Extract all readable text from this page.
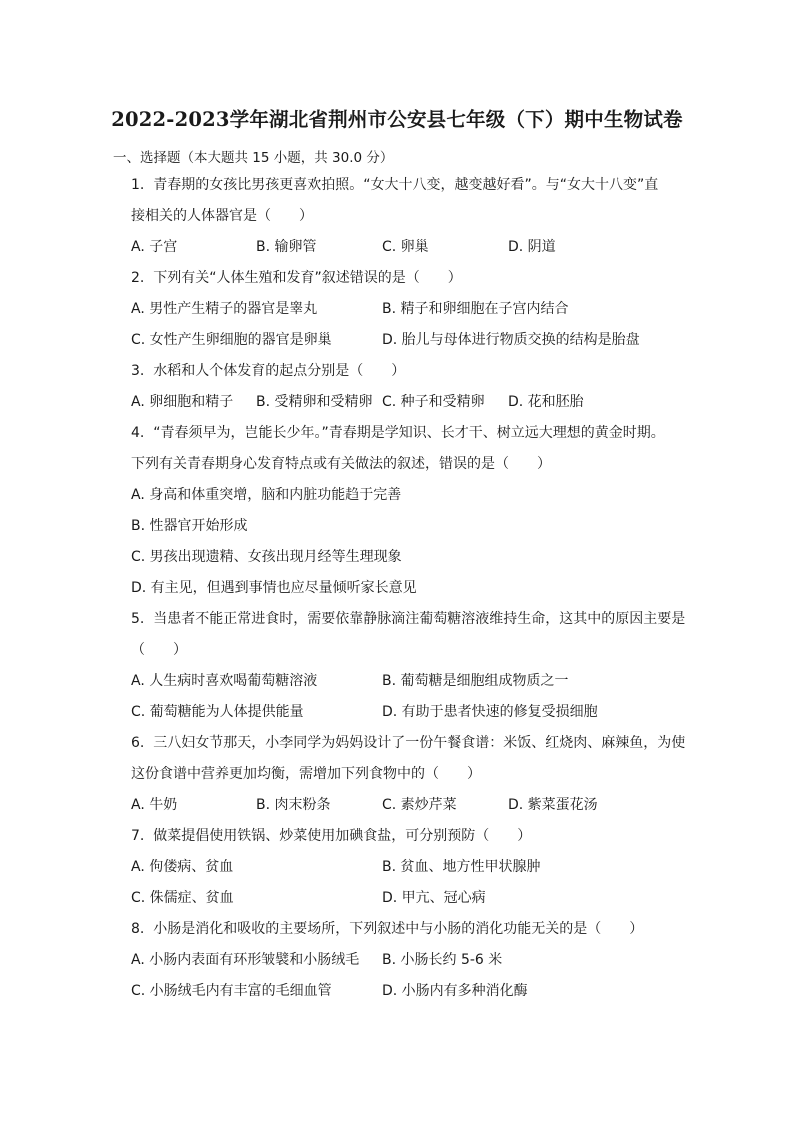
2022-2023学年湖北省荆州市公安县七年级（下）期中生物试卷
一、选择题（本大题共 15 小题，共 30.0 分）
1. 青春期的女孩比男孩更喜欢拍照。“女大十八变，越变越好看”。与“女大十八变”直
接相关的人体器官是（　　）
A. 子宫	B. 输卵管	C. 卵巢	D. 阴道
2. 下列有关“人体生殖和发育”叙述错误的是（　　）
A. 男性产生精子的器官是睾丸	B. 精子和卵细胞在子宫内结合
C. 女性产生卵细胞的器官是卵巢	D. 胎儿与母体进行物质交换的结构是胎盘
3. 水稻和人个体发育的起点分别是（　　）
A. 卵细胞和精子 B. 受精卵和受精卵 C. 种子和受精卵 D. 花和胚胎
4. “青春须早为，岂能长少年。”青春期是学知识、长才干、树立远大理想的黄金时期。
下列有关青春期身心发育特点或有关做法的叙述，错误的是（　　）
A. 身高和体重突增，脑和内脏功能趋于完善
B. 性器官开始形成
C. 男孩出现遗精、女孩出现月经等生理现象
D. 有主见，但遇到事情也应尽量倾听家长意见
5. 当患者不能正常进食时，需要依靠静脉滴注葡萄糖溶液维持生命，这其中的原因主要是
（　　）
A. 人生病时喜欢喝葡萄糖溶液	B. 葡萄糖是细胞组成物质之一
C. 葡萄糖能为人体提供能量	D. 有助于患者快速的修复受损细胞
6. 三八妇女节那天，小李同学为妈妈设计了一份午餐食谱：米饭、红烧肉、麻辣鱼，为使
这份食谱中营养更加均衡，需增加下列食物中的（　　）
A. 牛奶	B. 肉末粉条	C. 素炒芹菜	D. 紫菜蛋花汤
7. 做菜提倡使用铁锅、炒菜使用加碘食盐，可分别预防（　　）
A. 佝偻病、贫血	B. 贫血、地方性甲状腺肿
C. 侏儒症、贫血	D. 甲亢、冠心病
8. 小肠是消化和吸收的主要场所，下列叙述中与小肠的消化功能无关的是（　　）
A. 小肠内表面有环形皱襞和小肠绒毛 B. 小肠长约 5-6 米
C. 小肠绒毛内有丰富的毛细血管	D. 小肠内有多种消化酶
